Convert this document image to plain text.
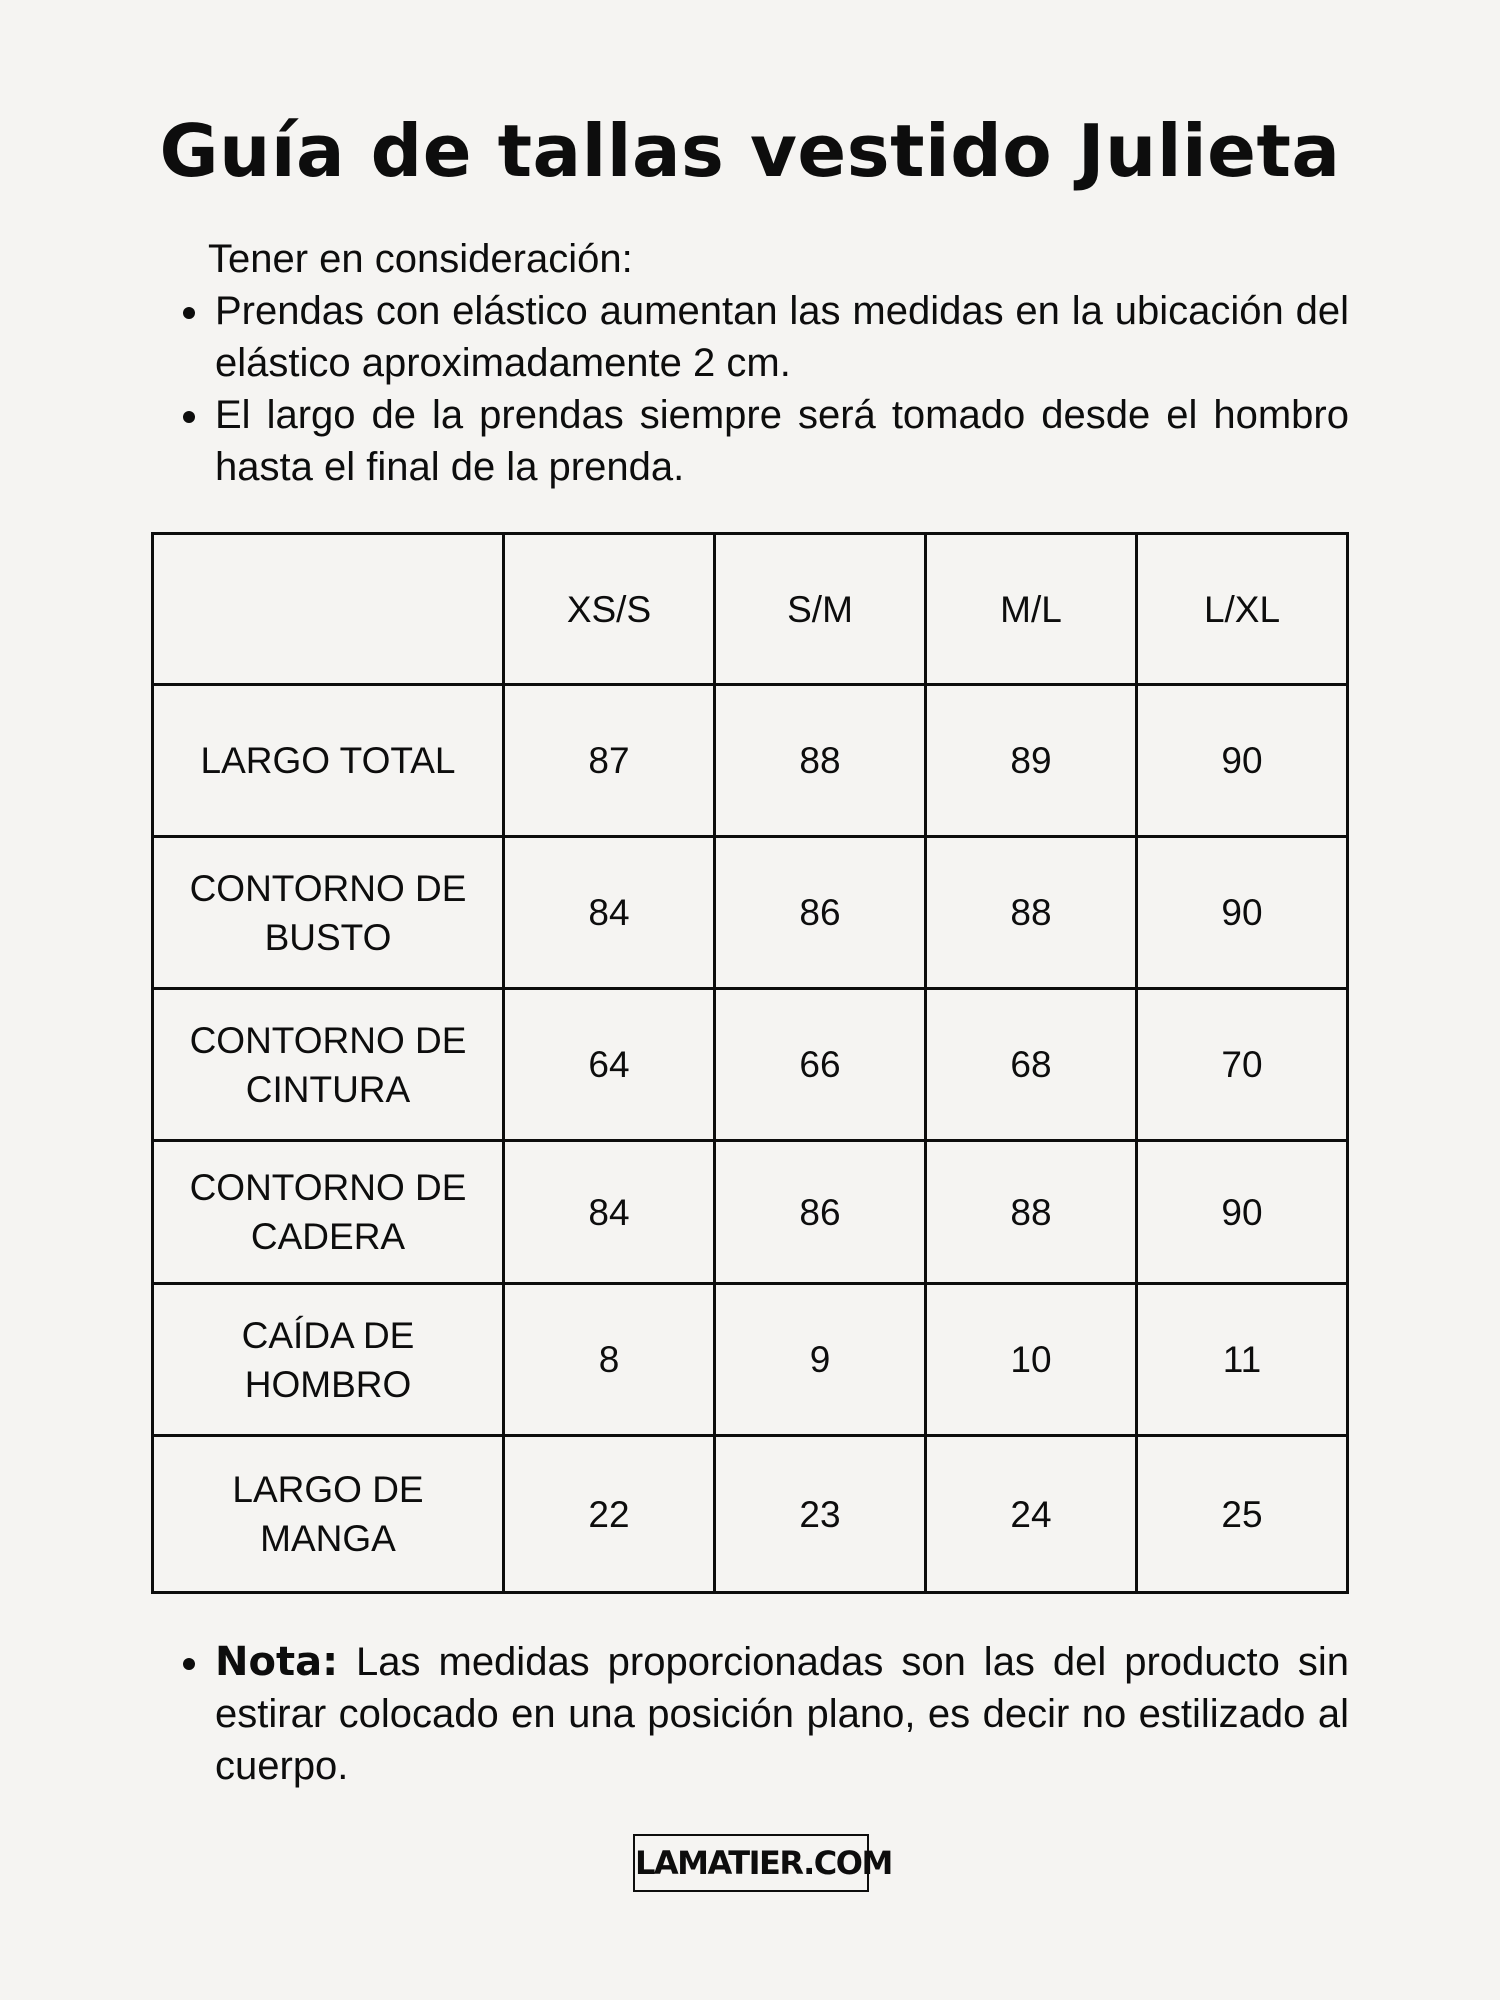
Guía de tallas vestido Julieta
Tener en consideración:
Prendas con elástico aumentan las medidas en la ubicación del elástico aproximadamente 2 cm.
El largo de la prendas siempre será tomado desde el hombro hasta el final de la prenda.
	XS/S	S/M	M/L	L/XL
LARGO TOTAL	87	88	89	90
CONTORNO DE BUSTO	84	86	88	90
CONTORNO DE CINTURA	64	66	68	70
CONTORNO DE CADERA	84	86	88	90
CAÍDA DE HOMBRO	8	9	10	11
LARGO DE MANGA	22	23	24	25
Nota: Las medidas proporcionadas son las del producto sin estirar colocado en una posición plano, es decir no estilizado al cuerpo.
LAMATIER.COM
